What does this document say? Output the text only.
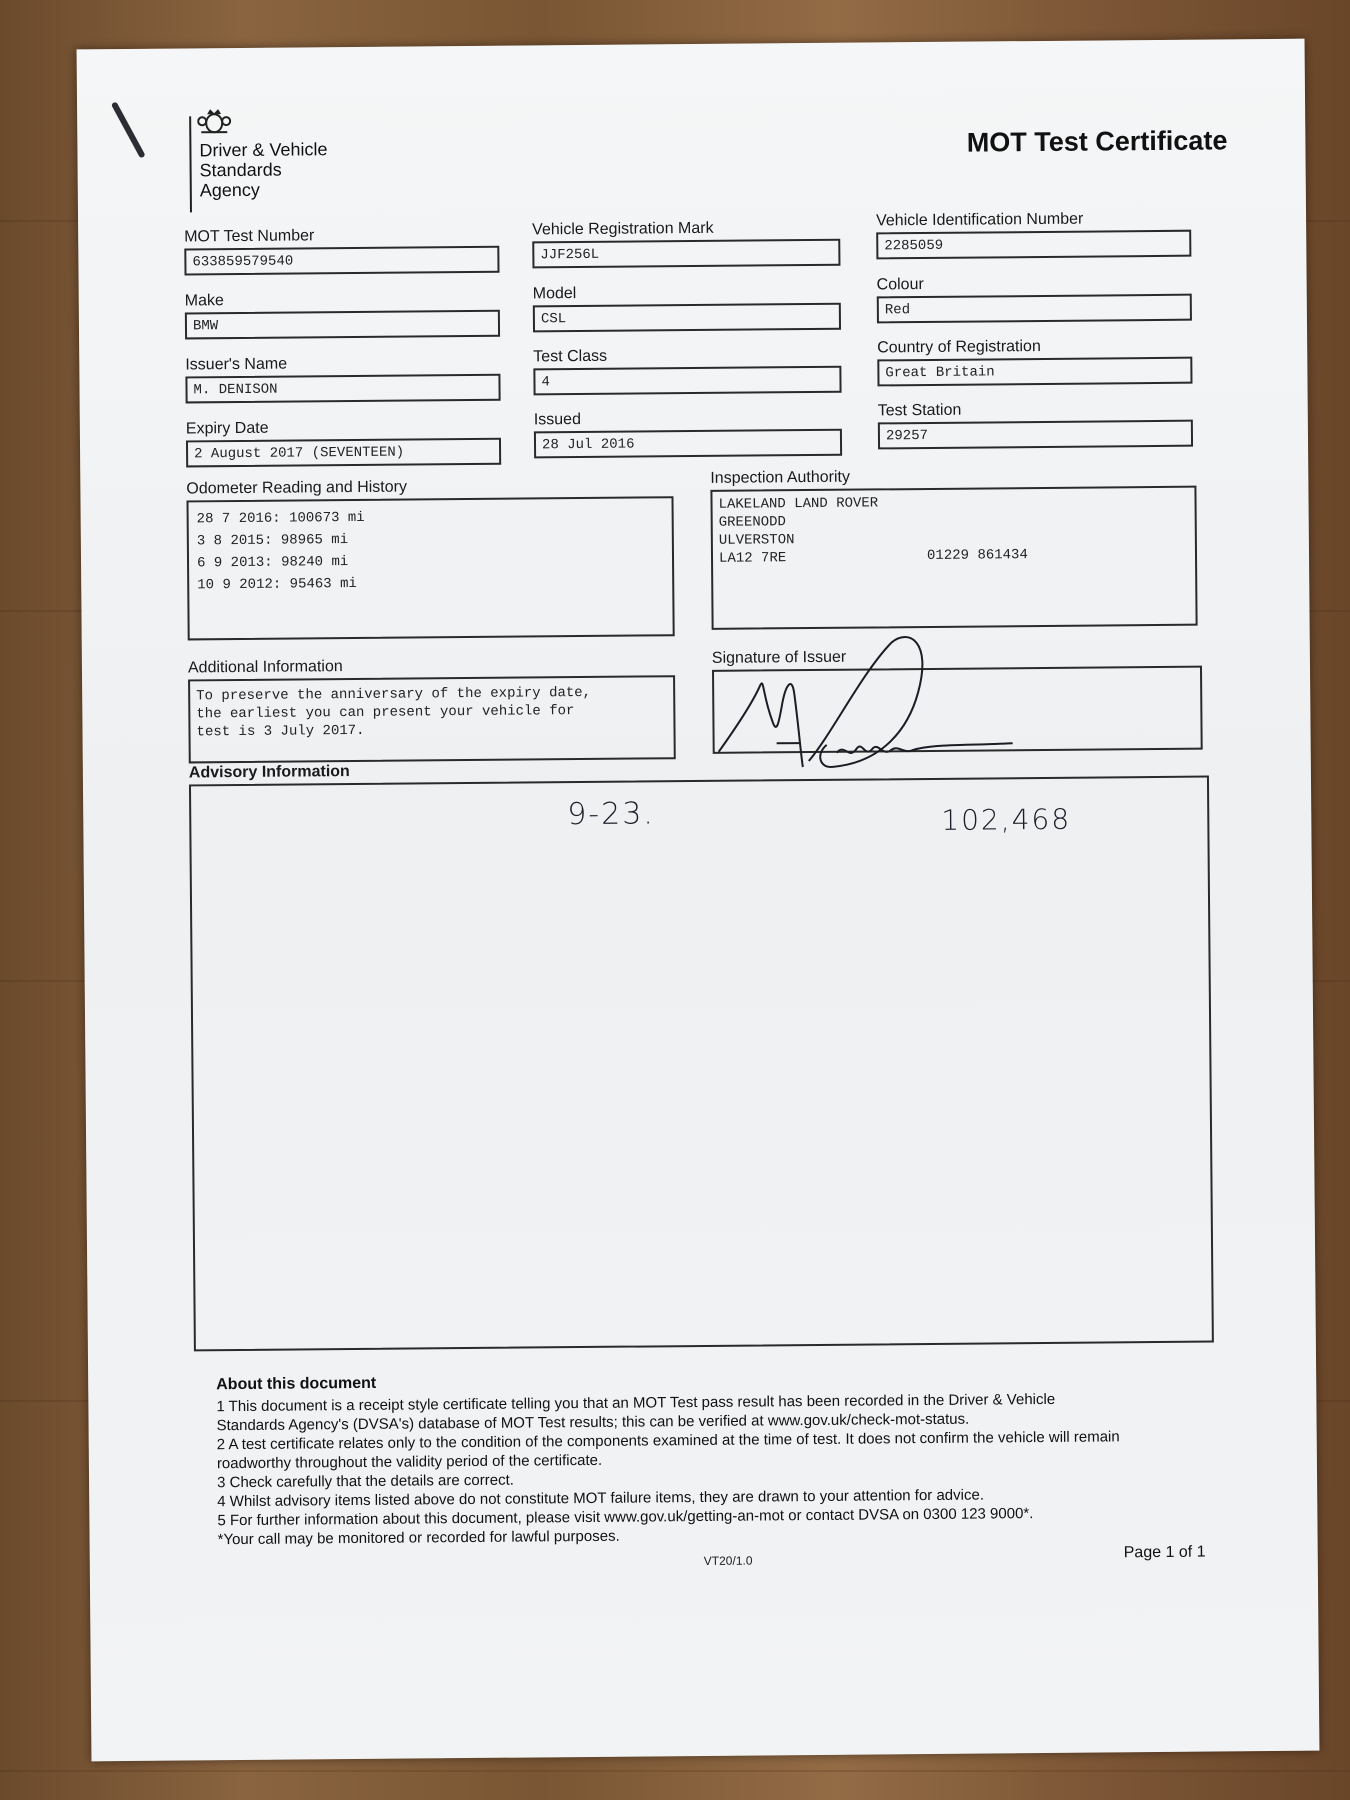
Driver & Vehicle
Standards
Agency
MOT Test Certificate
MOT Test Number
633859579540
Vehicle Registration Mark
JJF256L
Vehicle Identification Number
2285059
Make
BMW
Model
CSL
Colour
Red
Issuer's Name
M. DENISON
Test Class
4
Country of Registration
Great Britain
Expiry Date
2 August 2017 (SEVENTEEN)
Issued
28 Jul 2016
Test Station
29257
Odometer Reading and History
28 7 2016: 100673 mi
3 8 2015: 98965 mi
6 9 2013: 98240 mi
10 9 2012: 95463 mi
Inspection Authority
LAKELAND LAND ROVER
GREENODD
ULVERSTON
LA12 7RE	01229 861434
Additional Information
To preserve the anniversary of the expiry date,
the earliest you can present your vehicle for
test is 3 July 2017.
Signature of Issuer
Advisory Information
9-23.	102,468
About this document
1 This document is a receipt style certificate telling you that an MOT Test pass result has been recorded in the Driver & Vehicle
Standards Agency's (DVSA's) database of MOT Test results; this can be verified at www.gov.uk/check-mot-status.
2 A test certificate relates only to the condition of the components examined at the time of test. It does not confirm the vehicle will remain
roadworthy throughout the validity period of the certificate.
3 Check carefully that the details are correct.
4 Whilst advisory items listed above do not constitute MOT failure items, they are drawn to your attention for advice.
5 For further information about this document, please visit www.gov.uk/getting-an-mot or contact DVSA on 0300 123 9000*.
*Your call may be monitored or recorded for lawful purposes.
VT20/1.0	Page 1 of 1
